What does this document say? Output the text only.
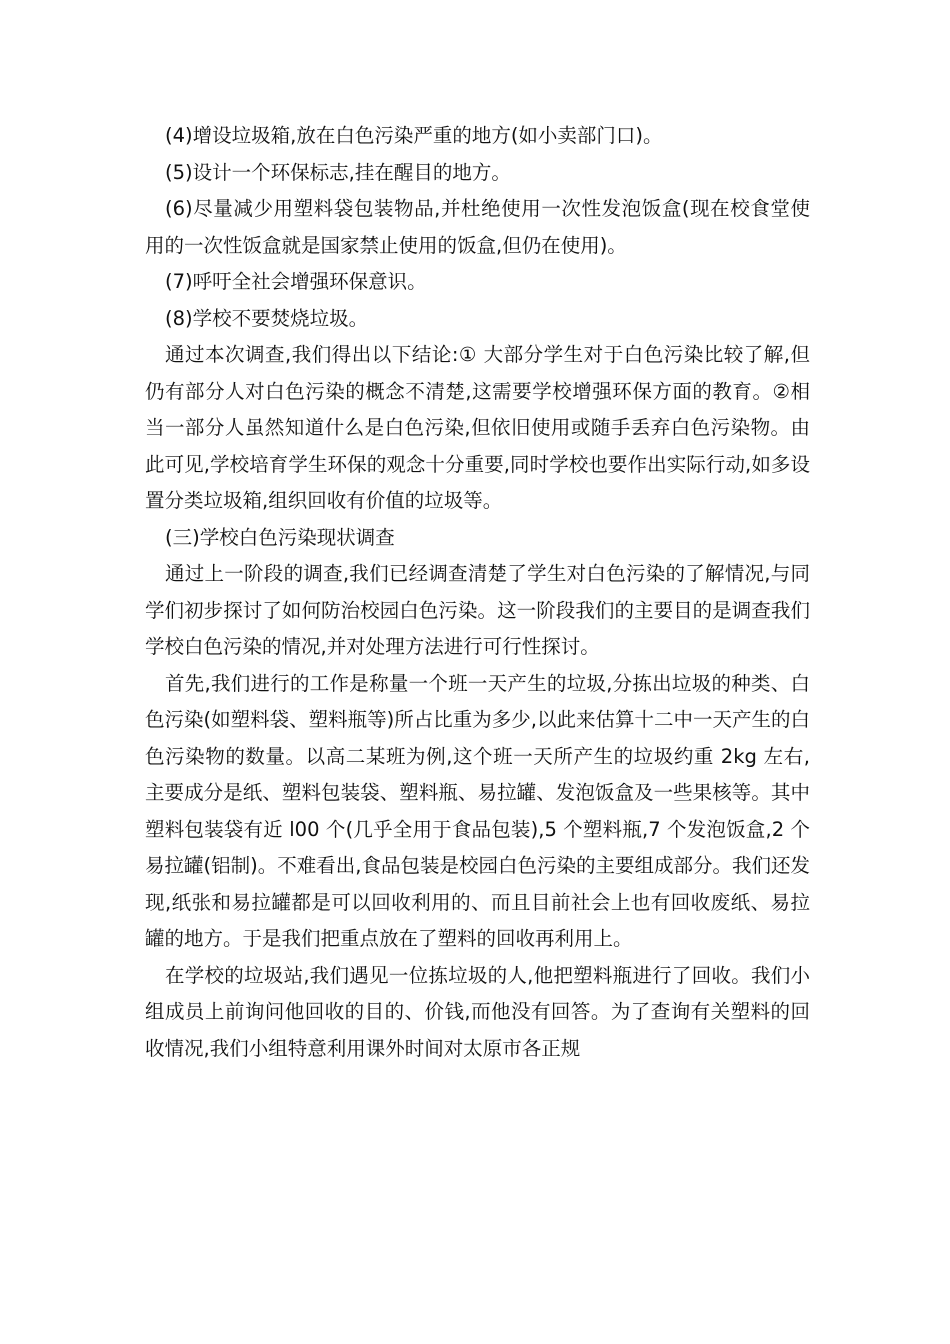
(4)增设垃圾箱,放在白色污染严重的地方(如小卖部门口)。

(5)设计一个环保标志,挂在醒目的地方。

(6)尽量减少用塑料袋包装物品,并杜绝使用一次性发泡饭盒(现在校食堂使用的一次性饭盒就是国家禁止使用的饭盒,但仍在使用)。

(7)呼吁全社会增强环保意识。

(8)学校不要焚烧垃圾。

通过本次调查,我们得出以下结论:① 大部分学生对于白色污染比较了解,但仍有部分人对白色污染的概念不清楚,这需要学校增强环保方面的教育。②相当一部分人虽然知道什么是白色污染,但依旧使用或随手丢弃白色污染物。由此可见,学校培育学生环保的观念十分重要,同时学校也要作出实际行动,如多设置分类垃圾箱,组织回收有价值的垃圾等。

(三)学校白色污染现状调查

通过上一阶段的调查,我们已经调查清楚了学生对白色污染的了解情况,与同学们初步探讨了如何防治校园白色污染。这一阶段我们的主要目的是调查我们学校白色污染的情况,并对处理方法进行可行性探讨。

首先,我们进行的工作是称量一个班一天产生的垃圾,分拣出垃圾的种类、白色污染(如塑料袋、塑料瓶等)所占比重为多少,以此来估算十二中一天产生的白色污染物的数量。以高二某班为例,这个班一天所产生的垃圾约重 2kg 左右,主要成分是纸、塑料包装袋、塑料瓶、易拉罐、发泡饭盒及一些果核等。其中塑料包装袋有近 l00 个(几乎全用于食品包装),5 个塑料瓶,7 个发泡饭盒,2 个易拉罐(铝制)。不难看出,食品包装是校园白色污染的主要组成部分。我们还发现,纸张和易拉罐都是可以回收利用的、而且目前社会上也有回收废纸、易拉罐的地方。于是我们把重点放在了塑料的回收再利用上。

在学校的垃圾站,我们遇见一位拣垃圾的人,他把塑料瓶进行了回收。我们小组成员上前询问他回收的目的、价钱,而他没有回答。为了查询有关塑料的回收情况,我们小组特意利用课外时间对太原市各正规
